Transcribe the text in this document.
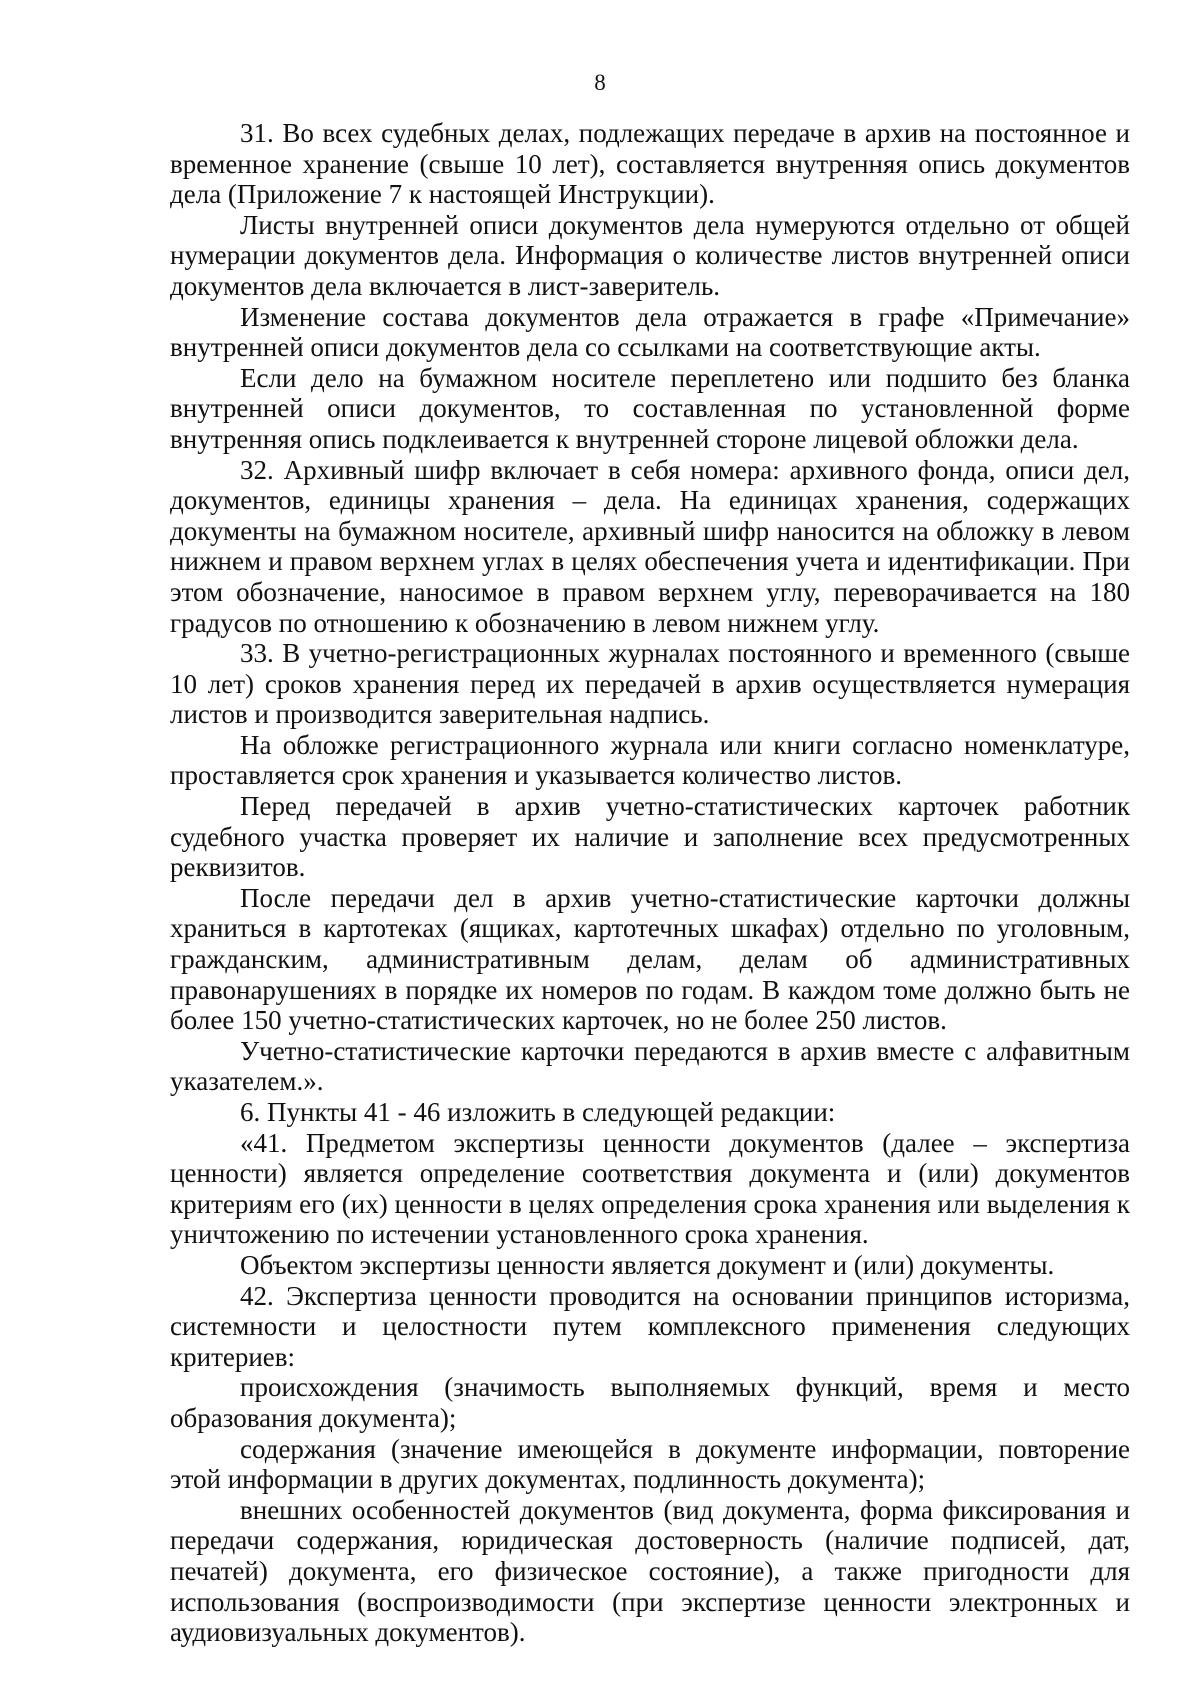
8

31. Во всех судебных делах, подлежащих передаче в архив на постоянное и временное хранение (свыше 10 лет), составляется внутренняя опись документов дела (Приложение 7 к настоящей Инструкции).

Листы внутренней описи документов дела нумеруются отдельно от общей нумерации документов дела. Информация о количестве листов внутренней описи документов дела включается в лист-заверитель.

Изменение состава документов дела отражается в графе «Примечание» внутренней описи документов дела со ссылками на соответствующие акты.

Если дело на бумажном носителе переплетено или подшито без бланка внутренней описи документов, то составленная по установленной форме внутренняя опись подклеивается к внутренней стороне лицевой обложки дела.

32. Архивный шифр включает в себя номера: архивного фонда, описи дел, документов, единицы хранения – дела. На единицах хранения, содержащих документы на бумажном носителе, архивный шифр наносится на обложку в левом нижнем и правом верхнем углах в целях обеспечения учета и идентификации. При этом обозначение, наносимое в правом верхнем углу, переворачивается на 180 градусов по отношению к обозначению в левом нижнем углу.

33. В учетно-регистрационных журналах постоянного и временного (свыше 10 лет) сроков хранения перед их передачей в архив осуществляется нумерация листов и производится заверительная надпись.

На обложке регистрационного журнала или книги согласно номенклатуре, проставляется срок хранения и указывается количество листов.

Перед передачей в архив учетно-статистических карточек работник судебного участка проверяет их наличие и заполнение всех предусмотренных реквизитов.

После передачи дел в архив учетно-статистические карточки должны храниться в картотеках (ящиках, картотечных шкафах) отдельно по уголовным, гражданским, административным делам, делам об административных правонарушениях в порядке их номеров по годам. В каждом томе должно быть не более 150 учетно-статистических карточек, но не более 250 листов.

Учетно-статистические карточки передаются в архив вместе с алфавитным указателем.».

6. Пункты 41 - 46 изложить в следующей редакции:

«41. Предметом экспертизы ценности документов (далее – экспертиза ценности) является определение соответствия документа и (или) документов критериям его (их) ценности в целях определения срока хранения или выделения к уничтожению по истечении установленного срока хранения.

Объектом экспертизы ценности является документ и (или) документы.

42. Экспертиза ценности проводится на основании принципов историзма, системности и целостности путем комплексного применения следующих критериев:

происхождения (значимость выполняемых функций, время и место образования документа);

содержания (значение имеющейся в документе информации, повторение этой информации в других документах, подлинность документа);

внешних особенностей документов (вид документа, форма фиксирования и передачи содержания, юридическая достоверность (наличие подписей, дат, печатей) документа, его физическое состояние), а также пригодности для использования (воспроизводимости (при экспертизе ценности электронных и аудиовизуальных документов).
